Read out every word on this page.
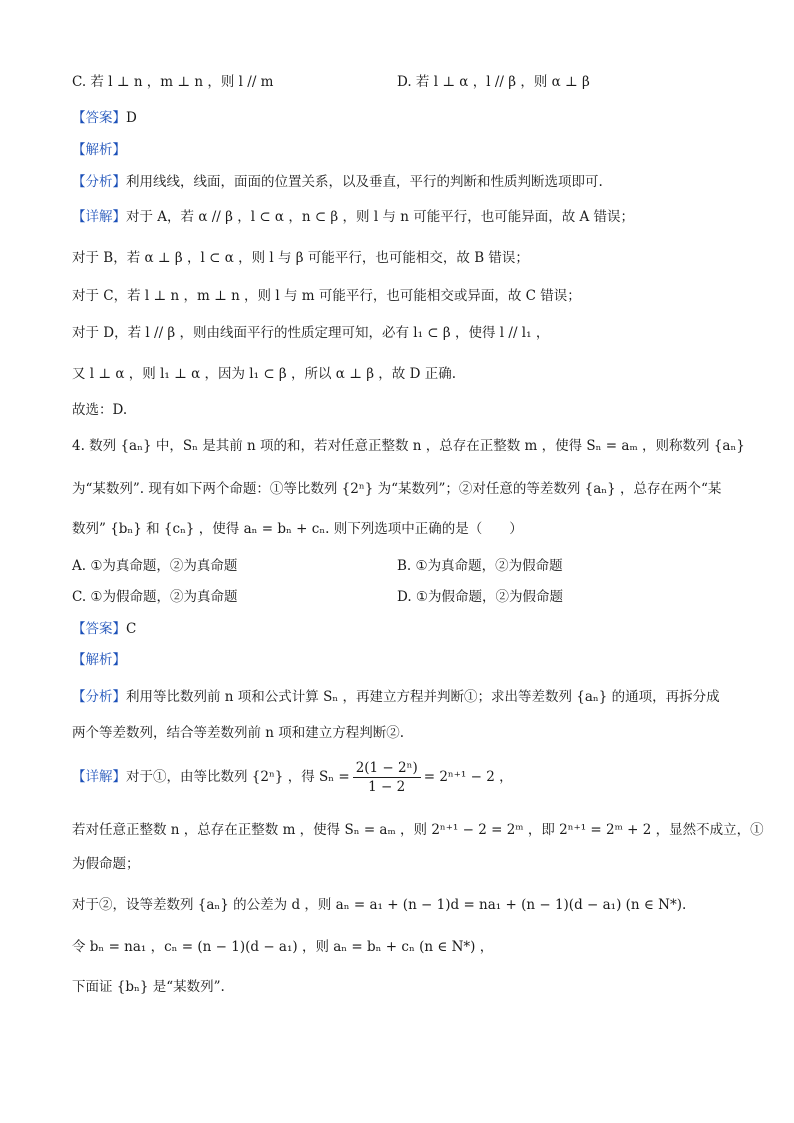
C. 若 l ⊥ n ，m ⊥ n ，则 l // m	D. 若 l ⊥ α ，l // β ，则 α ⊥ β
【答案】D
【解析】
【分析】利用线线，线面，面面的位置关系，以及垂直，平行的判断和性质判断选项即可.
【详解】对于 A，若 α // β ，l ⊂ α ，n ⊂ β ，则 l 与 n 可能平行，也可能异面，故 A 错误；
对于 B，若 α ⊥ β ，l ⊂ α ，则 l 与 β 可能平行，也可能相交，故 B 错误；
对于 C，若 l ⊥ n ，m ⊥ n ，则 l 与 m 可能平行，也可能相交或异面，故 C 错误；
对于 D，若 l // β ，则由线面平行的性质定理可知，必有 l₁ ⊂ β ，使得 l // l₁ ，
又 l ⊥ α ，则 l₁ ⊥ α ，因为 l₁ ⊂ β ，所以 α ⊥ β ，故 D 正确.
故选：D.
4. 数列 {aₙ} 中，Sₙ 是其前 n 项的和，若对任意正整数 n ，总存在正整数 m ，使得 Sₙ = aₘ ，则称数列 {aₙ}
为“某数列”. 现有如下两个命题：①等比数列 {2ⁿ} 为“某数列”；②对任意的等差数列 {aₙ} ，总存在两个“某
数列” {bₙ} 和 {cₙ} ，使得 aₙ = bₙ + cₙ. 则下列选项中正确的是（　　）
A. ①为真命题，②为真命题	B. ①为真命题，②为假命题
C. ①为假命题，②为真命题	D. ①为假命题，②为假命题
【答案】C
【解析】
【分析】利用等比数列前 n 项和公式计算 Sₙ ，再建立方程并判断①；求出等差数列 {aₙ} 的通项，再拆分成
两个等差数列，结合等差数列前 n 项和建立方程判断②.
【详解】对于①，由等比数列 {2ⁿ} ，得 $S_n = \frac{\text{2(1 − 2ⁿ)}}{1 - 2} = 2^{n+1} - 2$ ，
若对任意正整数 n ，总存在正整数 m ，使得 Sₙ = aₘ ，则 2ⁿ⁺¹ − 2 = 2ᵐ ，即 2ⁿ⁺¹ = 2ᵐ + 2 ，显然不成立，①
为假命题；
对于②，设等差数列 {aₙ} 的公差为 d ，则 aₙ = a₁ + (n − 1)d = na₁ + (n − 1)(d − a₁) (n ∈ N*).
令 bₙ = na₁ ，cₙ = (n − 1)(d − a₁) ，则 aₙ = bₙ + cₙ (n ∈ N*) ，
下面证 {bₙ} 是“某数列”.
